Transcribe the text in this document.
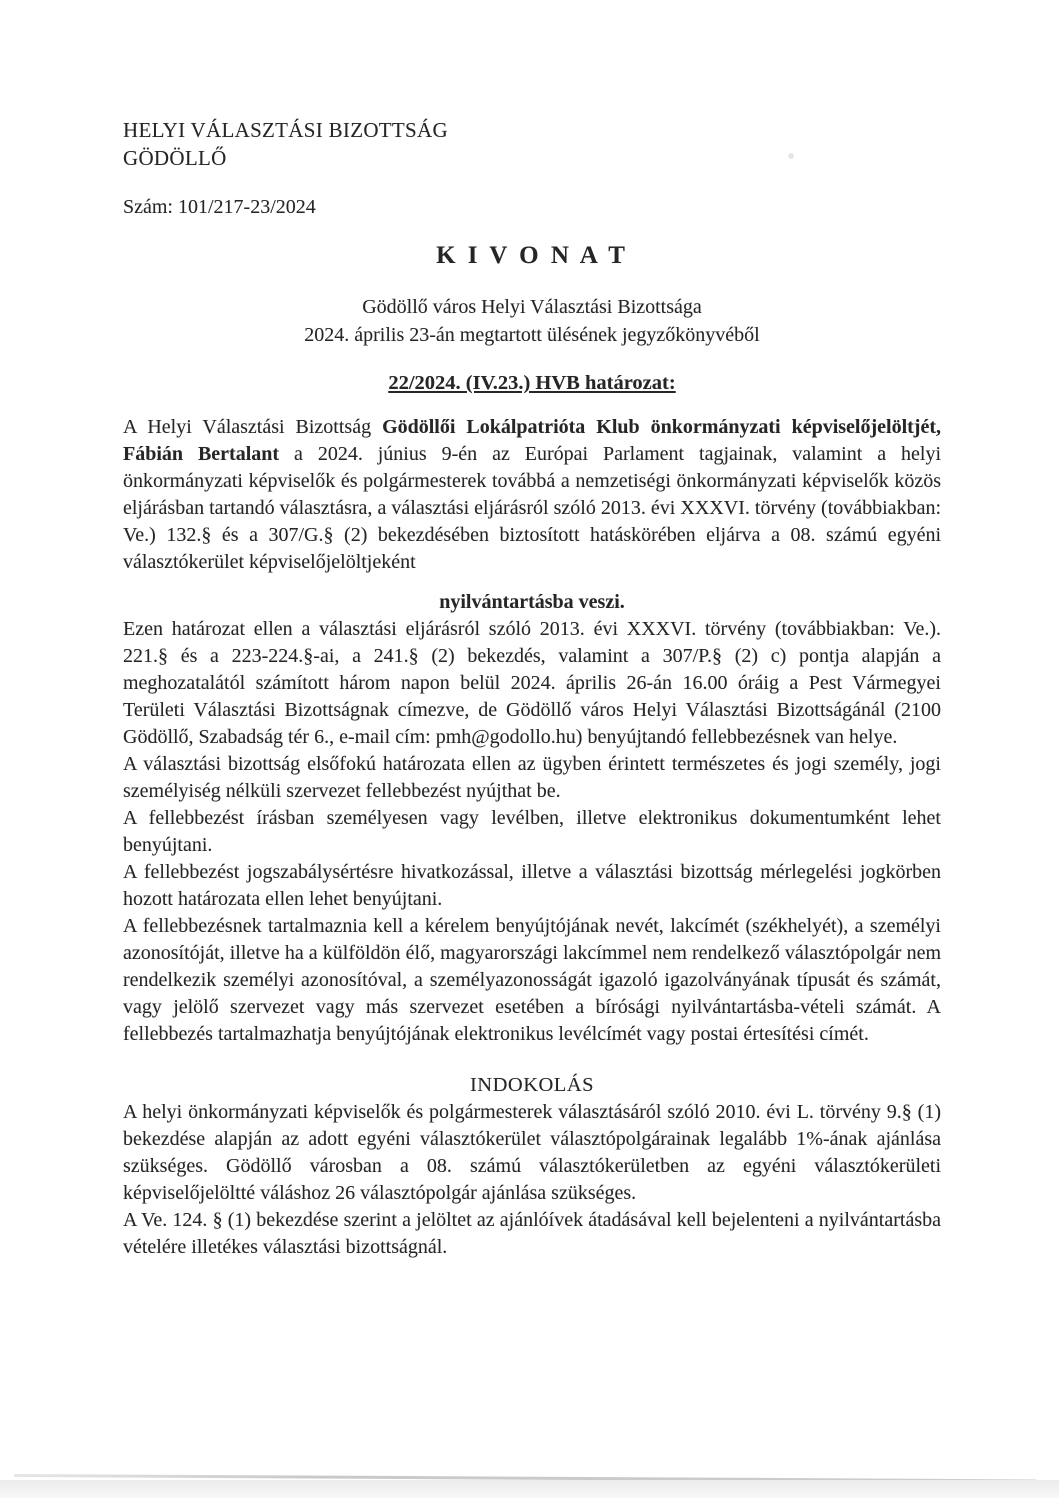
HELYI VÁLASZTÁSI BIZOTTSÁG
GÖDÖLLŐ
Szám: 101/217-23/2024
K I V O N A T
Gödöllő város Helyi Választási Bizottsága
2024. április 23-án megtartott ülésének jegyzőkönyvéből
22/2024. (IV.23.) HVB határozat:

A Helyi Választási Bizottság Gödöllői Lokálpatrióta Klub önkormányzati képviselőjelöltjét, Fábián Bertalant a 2024. június 9-én az Európai Parlament tagjainak, valamint a helyi önkormányzati képviselők és polgármesterek továbbá a nemzetiségi önkormányzati képviselők közös eljárásban tartandó választásra, a választási eljárásról szóló 2013. évi XXXVI. törvény (továbbiakban: Ve.) 132.§ és a 307/G.§ (2) bekezdésében biztosított hatáskörében eljárva a 08. számú egyéni választókerület képviselőjelöltjeként

nyilvántartásba veszi.

Ezen határozat ellen a választási eljárásról szóló 2013. évi XXXVI. törvény (továbbiakban: Ve.). 221.§ és a 223-224.§-ai, a 241.§ (2) bekezdés, valamint a 307/P.§ (2) c) pontja alapján a meghozatalától számított három napon belül 2024. április 26-án 16.00 óráig a Pest Vármegyei Területi Választási Bizottságnak címezve, de Gödöllő város Helyi Választási Bizottságánál (2100 Gödöllő, Szabadság tér 6., e-mail cím: pmh@godollo.hu) benyújtandó fellebbezésnek van helye.

A választási bizottság elsőfokú határozata ellen az ügyben érintett természetes és jogi személy, jogi személyiség nélküli szervezet fellebbezést nyújthat be.

A fellebbezést írásban személyesen vagy levélben, illetve elektronikus dokumentumként lehet benyújtani.

A fellebbezést jogszabálysértésre hivatkozással, illetve a választási bizottság mérlegelési jogkörben hozott határozata ellen lehet benyújtani.

A fellebbezésnek tartalmaznia kell a kérelem benyújtójának nevét, lakcímét (székhelyét), a személyi azonosítóját, illetve ha a külföldön élő, magyarországi lakcímmel nem rendelkező választópolgár nem rendelkezik személyi azonosítóval, a személyazonosságát igazoló igazolványának típusát és számát, vagy jelölő szervezet vagy más szervezet esetében a bírósági nyilvántartásba-vételi számát. A fellebbezés tartalmazhatja benyújtójának elektronikus levélcímét vagy postai értesítési címét.

INDOKOLÁS

A helyi önkormányzati képviselők és polgármesterek választásáról szóló 2010. évi L. törvény 9.§ (1) bekezdése alapján az adott egyéni választókerület választópolgárainak legalább 1%-ának ajánlása szükséges. Gödöllő városban a 08. számú választókerületben az egyéni választókerületi képviselőjelöltté váláshoz 26 választópolgár ajánlása szükséges.

A Ve. 124. § (1) bekezdése szerint a jelöltet az ajánlóívek átadásával kell bejelenteni a nyilvántartásba vételére illetékes választási bizottságnál.
